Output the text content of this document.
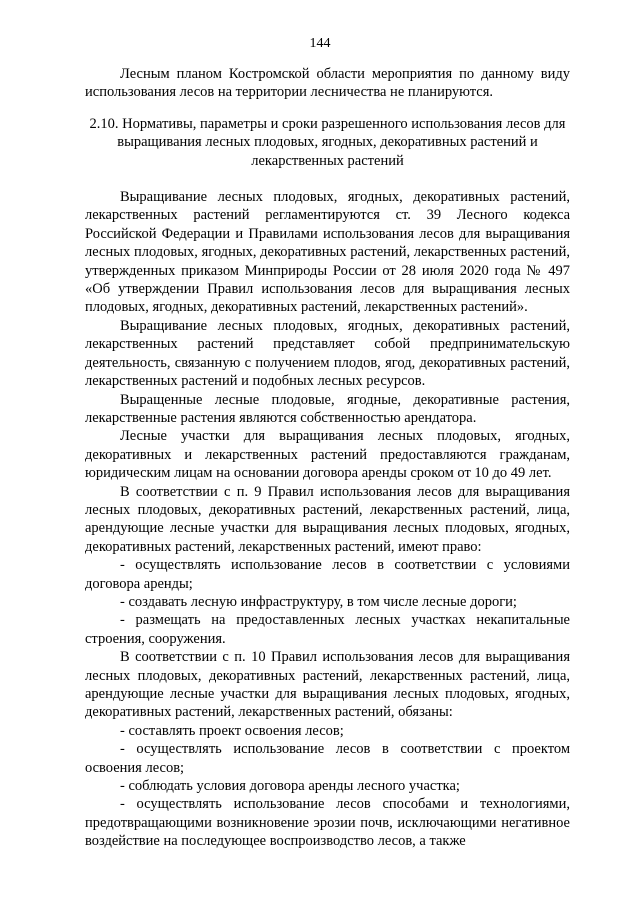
144

Лесным планом Костромской области мероприятия по данному виду использования лесов на территории лесничества не планируются.

2.10. Нормативы, параметры и сроки разрешенного использования лесов для выращивания лесных плодовых, ягодных, декоративных растений и лекарственных растений

Выращивание лесных плодовых, ягодных, декоративных растений, лекарственных растений регламентируются ст. 39 Лесного кодекса Российской Федерации и Правилами использования лесов для выращивания лесных плодовых, ягодных, декоративных растений, лекарственных растений, утвержденных приказом Минприроды России от 28 июля 2020 года № 497 «Об утверждении Правил использования лесов для выращивания лесных плодовых, ягодных, декоративных растений, лекарственных растений».

Выращивание лесных плодовых, ягодных, декоративных растений, лекарственных растений представляет собой предпринимательскую деятельность, связанную с получением плодов, ягод, декоративных растений, лекарственных растений и подобных лесных ресурсов.

Выращенные лесные плодовые, ягодные, декоративные растения, лекарственные растения являются собственностью арендатора.

Лесные участки для выращивания лесных плодовых, ягодных, декоративных и лекарственных растений предоставляются гражданам, юридическим лицам на основании договора аренды сроком от 10 до 49 лет.

В соответствии с п. 9 Правил использования лесов для выращивания лесных плодовых, декоративных растений, лекарственных растений, лица, арендующие лесные участки для выращивания лесных плодовых, ягодных, декоративных растений, лекарственных растений, имеют право:

- осуществлять использование лесов в соответствии с условиями договора аренды;

- создавать лесную инфраструктуру, в том числе лесные дороги;

- размещать на предоставленных лесных участках некапитальные строения, сооружения.

В соответствии с п. 10 Правил использования лесов для выращивания лесных плодовых, декоративных растений, лекарственных растений, лица, арендующие лесные участки для выращивания лесных плодовых, ягодных, декоративных растений, лекарственных растений, обязаны:

- составлять проект освоения лесов;

- осуществлять использование лесов в соответствии с проектом освоения лесов;

- соблюдать условия договора аренды лесного участка;

- осуществлять использование лесов способами и технологиями, предотвращающими возникновение эрозии почв, исключающими негативное воздействие на последующее воспроизводство лесов, а также
